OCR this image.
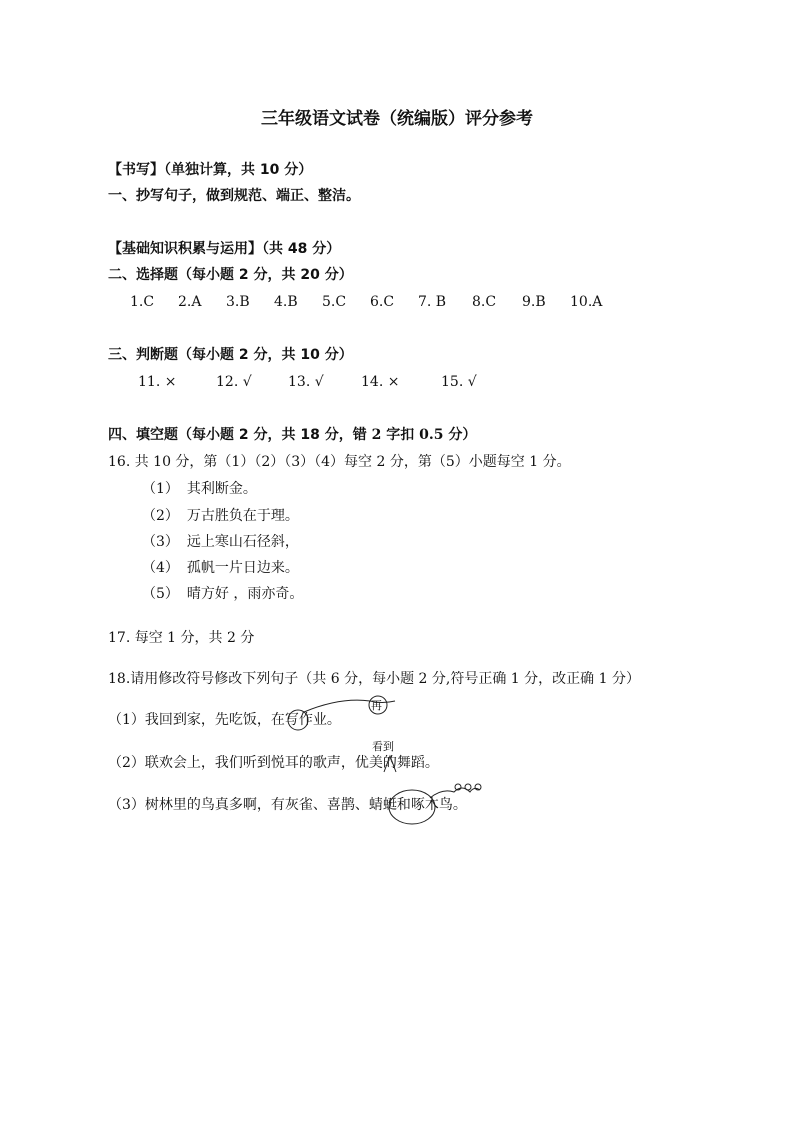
三年级语文试卷（统编版）评分参考
【书写】（单独计算，共 10 分）
一、抄写句子，做到规范、端正、整洁。
【基础知识积累与运用】（共 48 分）
二、选择题（每小题 2 分，共 20 分）
1.C 2.A 3.B 4.B 5.C 6.C 7. B 8.C 9.B 10.A
三、判断题（每小题 2 分，共 10 分）
11. ×	12. √	13. √	14. ×	15. √
四、填空题（每小题 2 分，共 18 分，错 2 字扣 0.5 分）
16. 共 10 分，第（1）（2）（3）（4）每空 2 分，第（5）小题每空 1 分。
（1） 其利断金。
（2） 万古胜负在于理。
（3） 远上寒山石径斜，
（4） 孤帆一片日边来。
（5） 晴方好 ，雨亦奇。
17. 每空 1 分，共 2 分
18.请用修改符号修改下列句子（共 6 分，每小题 2 分,符号正确 1 分，改正确 1 分）
（1）我回到家，先吃饭，在写作业。
（2）联欢会上，我们听到悦耳的歌声，优美的舞蹈。
（3）树林里的鸟真多啊，有灰雀、喜鹊、蜻蜓和啄木鸟。
再
看到
